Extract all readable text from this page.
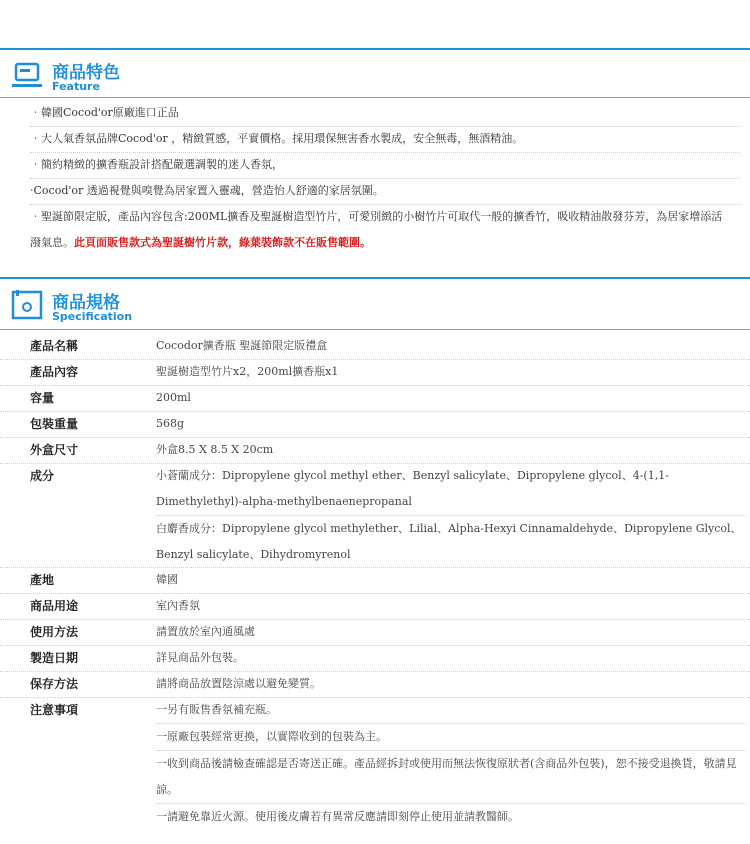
商品特色
Feature
‧韓國Cocod'or原廠進口正品
‧大人氣香氛品牌Cocod'or ，精緻質感，平實價格。採用環保無害香水製成，安全無毒，無酒精油。
‧簡約精緻的擴香瓶設計搭配嚴選調製的迷人香氛，
‧Cocod'or 透過視覺與嗅覺為居家置入靈魂，營造怡人舒適的家居氛圍。
‧聖誕節限定版，產品內容包含:200ML擴香及聖誕樹造型竹片，可愛別緻的小樹竹片可取代一般的擴香竹，吸收精油散發芬芳，為居家增添活潑氣息。此頁面販售款式為聖誕樹竹片款，綠葉裝飾款不在販售範圍。
商品規格
Specification
產品名稱	Cocodor擴香瓶 聖誕節限定版禮盒
產品內容	聖誕樹造型竹片x2，200ml擴香瓶x1
容量	200ml
包裝重量	568g
外盒尺寸	外盒8.5 X 8.5 X 20cm
成分	小蒼蘭成分：Dipropylene glycol methyl ether、Benzyl salicylate、Dipropylene glycol、4-(1,1-Dimethylethyl)-alpha-methylbenaenepropanal
白麝香成分：Dipropylene glycol methylether、Lilial、Alpha-Hexyi Cinnamaldehyde、Dipropylene Glycol、Benzyl salicylate、Dihydromyrenol
產地	韓國
商品用途	室內香氛
使用方法	請置放於室內通風處
製造日期	詳見商品外包裝。
保存方法	請將商品放置陰涼處以避免變質。
注意事項	一另有販售香氛補充瓶。
一原廠包裝經常更換，以實際收到的包裝為主。
一收到商品後請檢查確認是否寄送正確。產品經拆封或使用而無法恢復原狀者(含商品外包裝)，恕不接受退換貨，敬請見諒。
一請避免靠近火源。使用後皮膚若有異常反應請即刻停止使用並請教醫師。
